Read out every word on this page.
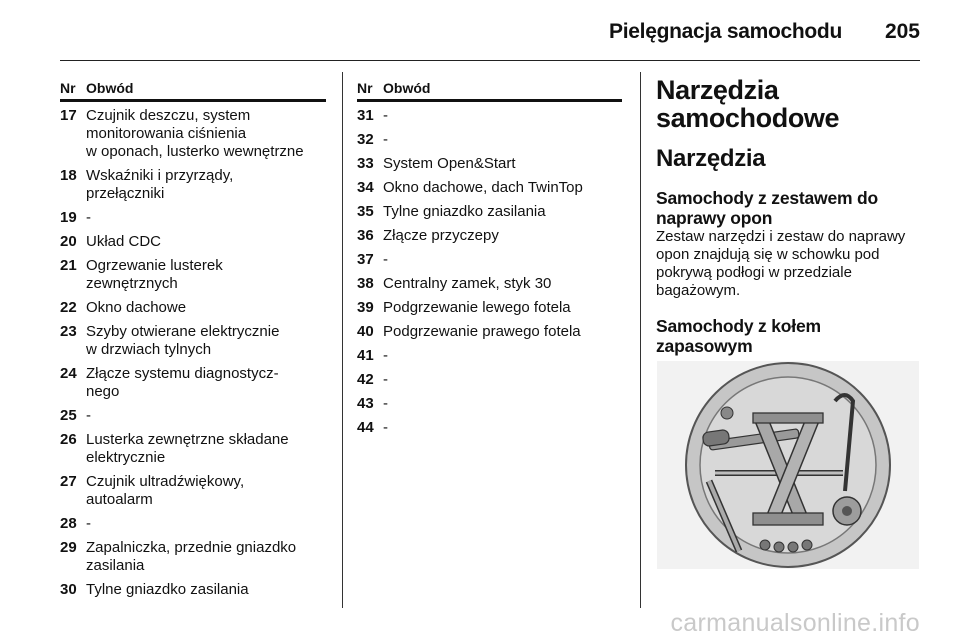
Pielęgnacja samochodu 205
Nr Obwód
17 Czujnik deszczu, system
monitorowania ciśnienia
w oponach, lusterko wewnętrzne
18 Wskaźniki i przyrządy,
przełączniki
19 -
20 Układ CDC
21 Ogrzewanie lusterek
zewnętrznych
22 Okno dachowe
23 Szyby otwierane elektrycznie
w drzwiach tylnych
24 Złącze systemu diagnostycz-
nego
25 -
26 Lusterka zewnętrzne składane
elektrycznie
27 Czujnik ultradźwiękowy,
autoalarm
28 -
29 Zapalniczka, przednie gniazdko
zasilania
30 Tylne gniazdko zasilania
Nr Obwód
31 -
32 -
33 System Open&Start
34 Okno dachowe, dach TwinTop
35 Tylne gniazdko zasilania
36 Złącze przyczepy
37 -
38 Centralny zamek, styk 30
39 Podgrzewanie lewego fotela
40 Podgrzewanie prawego fotela
41 -
42 -
43 -
44 -
Narzędzia
samochodowe
Narzędzia
Samochody z zestawem do
naprawy opon

Zestaw narzędzi i zestaw do naprawy
opon znajdują się w schowku pod
pokrywą podłogi w przedziale
bagażowym.

Samochody z kołem
zapasowym
carmanualsonline.info
